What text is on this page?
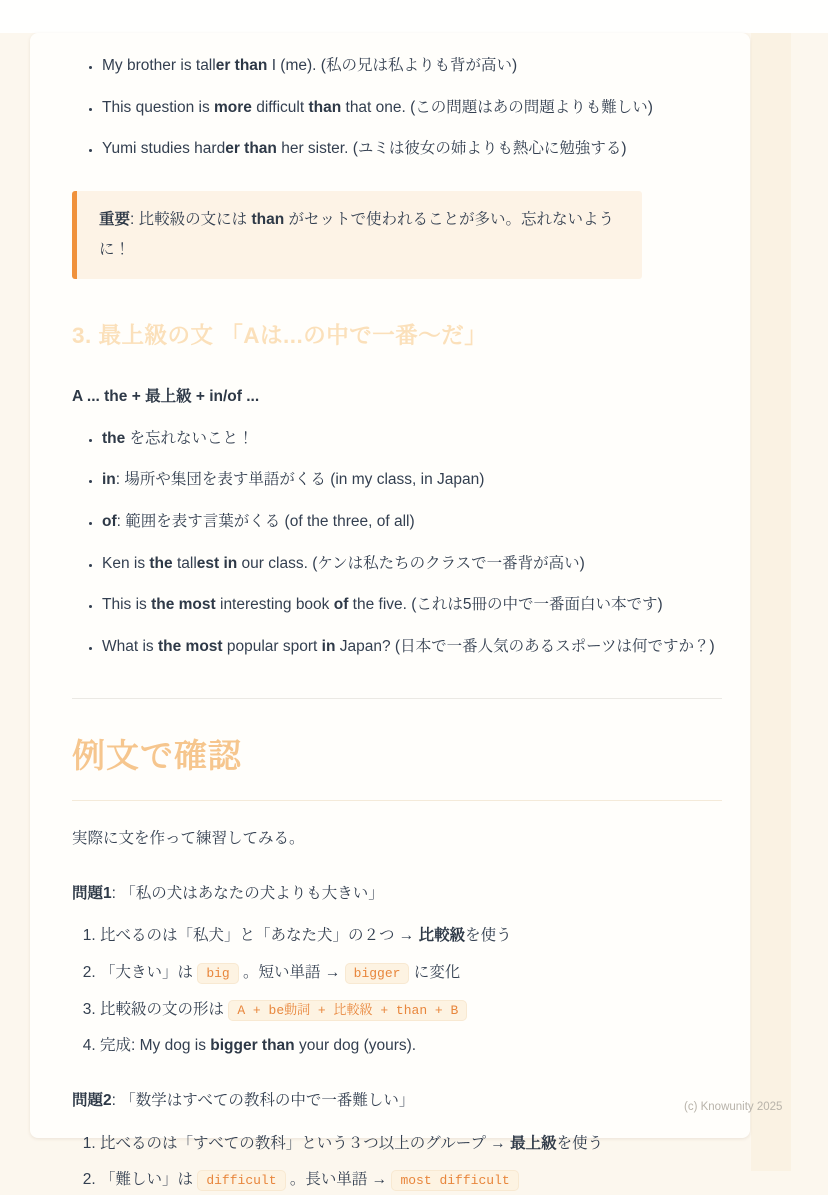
• My brother is taller than I (me). (私の兄は私よりも背が高い)
• This question is more difficult than that one. (この問題はあの問題よりも難しい)
• Yumi studies harder than her sister. (ユミは彼女の姉よりも熱心に勉強する)

重要: 比較級の文には than がセットで使われることが多い。忘れないように！

3. 最上級の文 「Aは...の中で一番〜だ」

A ... the + 最上級 + in/of ...

• the を忘れないこと！
• in: 場所や集団を表す単語がくる (in my class, in Japan)
• of: 範囲を表す言葉がくる (of the three, of all)
• Ken is the tallest in our class. (ケンは私たちのクラスで一番背が高い)
• This is the most interesting book of the five. (これは5冊の中で一番面白い本です)
• What is the most popular sport in Japan? (日本で一番人気のあるスポーツは何ですか？)
例文で確認

実際に文を作って練習してみる。

問題1: 「私の犬はあなたの犬よりも大きい」

1. 比べるのは「私犬」と「あなた犬」の２つ → 比較級を使う
2. 「大きい」は big 。短い単語 → bigger に変化
3. 比較級の文の形は A + be動詞 + 比較級 + than + B
4. 完成: My dog is bigger than your dog (yours).

問題2: 「数学はすべての教科の中で一番難しい」

1. 比べるのは「すべての教科」という３つ以上のグループ → 最上級を使う
2. 「難しい」は difficult 。長い単語 → most difficult
(c) Knowunity 2025
